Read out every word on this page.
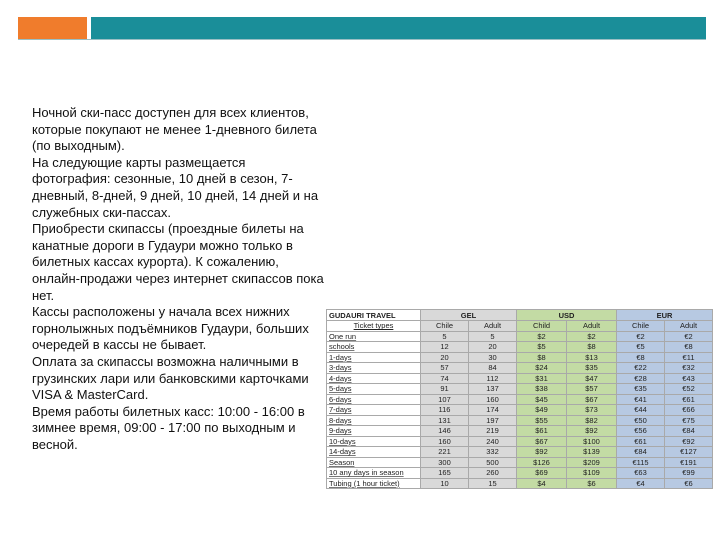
Ночной ски-пасс доступен для всех клиентов, которые покупают не менее 1-дневного билета (по выходным).

На следующие карты размещается фотография: сезонные, 10 дней в сезон, 7-дневный, 8-дней, 9 дней, 10 дней, 14 дней и на служебных ски-пассах.

Приобрести скипассы (проездные билеты на канатные дороги в Гудаури можно только в билетных кассах курорта). К сожалению, онлайн-продажи через интернет скипассов пока нет.

Кассы расположены у начала всех нижних горнолыжных подъёмников Гудаури, больших очередей в кассы не бывает.

Оплата за скипассы возможна наличными в грузинских лари или банковскими карточками VISA & MasterCard.

Время работы билетных касс: 10:00 - 16:00 в зимнее время, 09:00 - 17:00 по выходным и весной.

GUDAURI TRAVEL	GEL		USD		EUR	
Ticket types	Chile	Adult	Child	Adult	Chile	Adult
One run	5	5	$2	$2	€2	€2
schools	12	20	$5	$8	€5	€8
1-days	20	30	$8	$13	€8	€11
3-days	57	84	$24	$35	€22	€32
4-days	74	112	$31	$47	€28	€43
5-days	91	137	$38	$57	€35	€52
6-days	107	160	$45	$67	€41	€61
7-days	116	174	$49	$73	€44	€66
8-days	131	197	$55	$82	€50	€75
9-days	146	219	$61	$92	€56	€84
10-days	160	240	$67	$100	€61	€92
14-days	221	332	$92	$139	€84	€127
Season	300	500	$126	$209	€115	€191
10 any days in season	165	260	$69	$109	€63	€99
Tubing (1 hour ticket)	10	15	$4	$6	€4	€6
